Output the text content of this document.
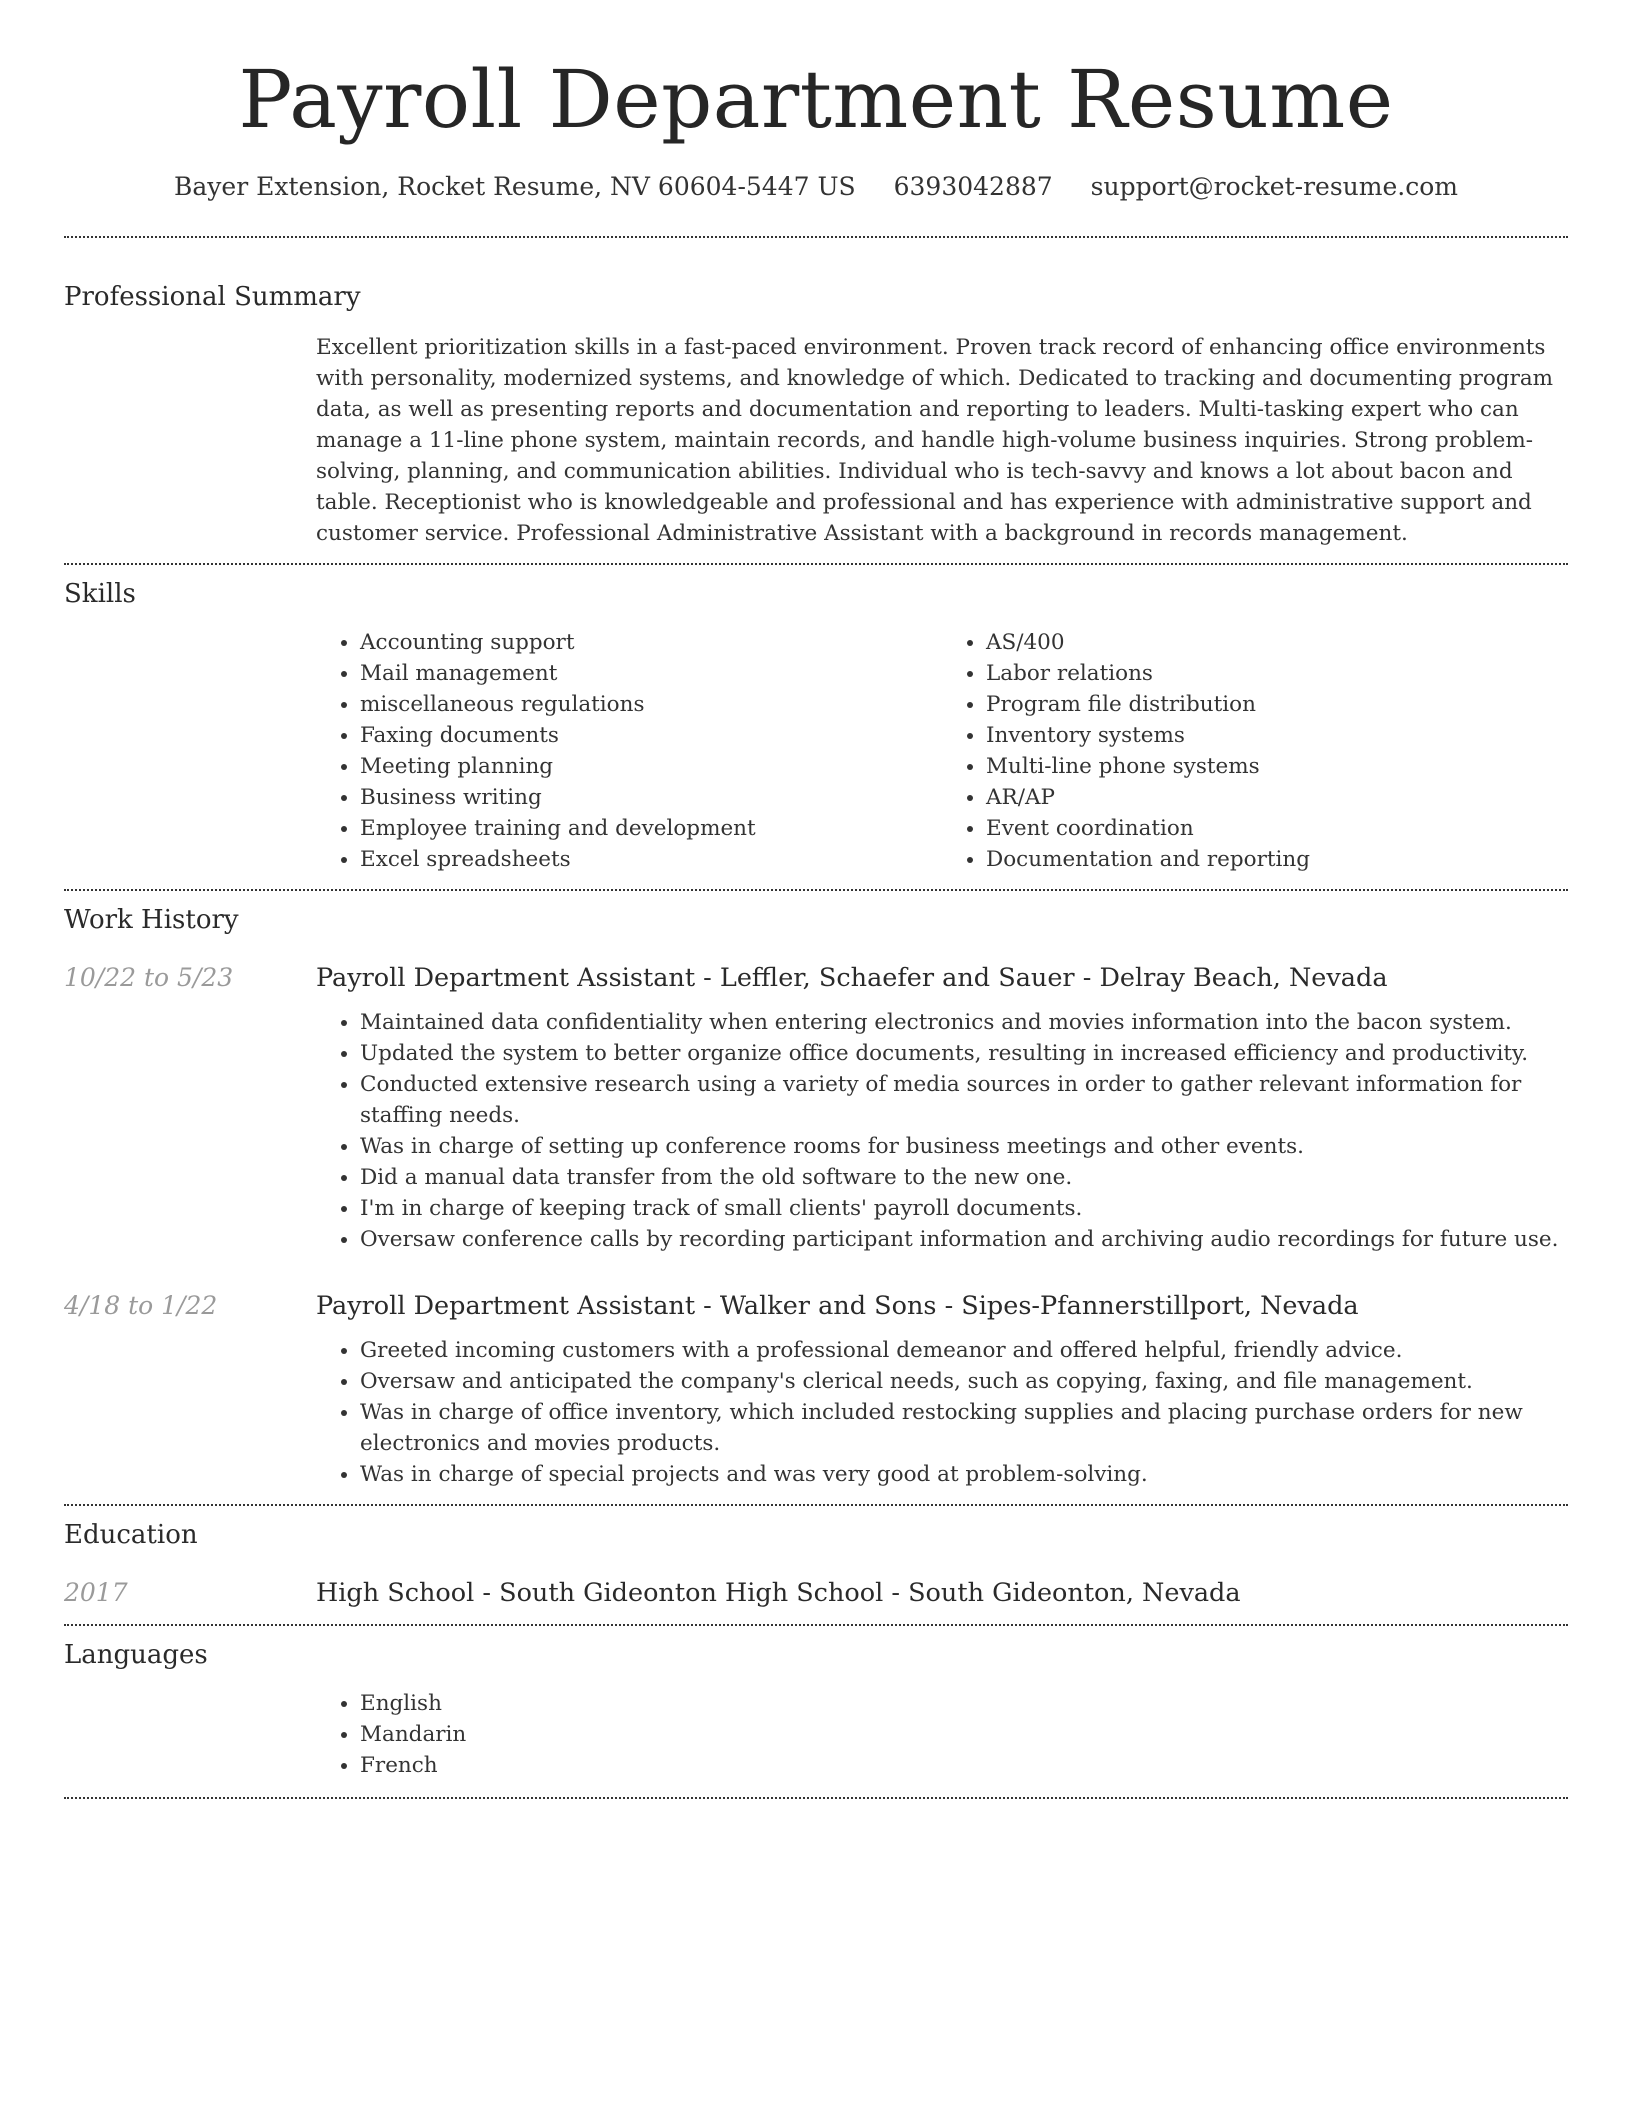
Payroll Department Resume
Bayer Extension, Rocket Resume, NV 60604-5447 US 6393042887 support@rocket-resume.com
Professional Summary

Excellent prioritization skills in a fast-paced environment. Proven track record of enhancing office environments with personality, modernized systems, and knowledge of which. Dedicated to tracking and documenting program data, as well as presenting reports and documentation and reporting to leaders. Multi-tasking expert who can manage a 11-line phone system, maintain records, and handle high-volume business inquiries. Strong problem-solving, planning, and communication abilities. Individual who is tech-savvy and knows a lot about bacon and table. Receptionist who is knowledgeable and professional and has experience with administrative support and customer service. Professional Administrative Assistant with a background in records management.

Skills
• Accounting support
• Mail management
• miscellaneous regulations
• Faxing documents
• Meeting planning
• Business writing
• Employee training and development
• Excel spreadsheets
• AS/400
• Labor relations
• Program file distribution
• Inventory systems
• Multi-line phone systems
• AR/AP
• Event coordination
• Documentation and reporting
Work History
10/22 to 5/23	Payroll Department Assistant - Leffler, Schaefer and Sauer - Delray Beach, Nevada
• Maintained data confidentiality when entering electronics and movies information into the bacon system.
• Updated the system to better organize office documents, resulting in increased efficiency and productivity.
• Conducted extensive research using a variety of media sources in order to gather relevant information for staffing needs.
• Was in charge of setting up conference rooms for business meetings and other events.
• Did a manual data transfer from the old software to the new one.
• I'm in charge of keeping track of small clients' payroll documents.
• Oversaw conference calls by recording participant information and archiving audio recordings for future use.
4/18 to 1/22	Payroll Department Assistant - Walker and Sons - Sipes-Pfannerstillport, Nevada
• Greeted incoming customers with a professional demeanor and offered helpful, friendly advice.
• Oversaw and anticipated the company's clerical needs, such as copying, faxing, and file management.
• Was in charge of office inventory, which included restocking supplies and placing purchase orders for new electronics and movies products.
• Was in charge of special projects and was very good at problem-solving.
Education
2017	High School - South Gideonton High School - South Gideonton, Nevada
Languages
• English
• Mandarin
• French
